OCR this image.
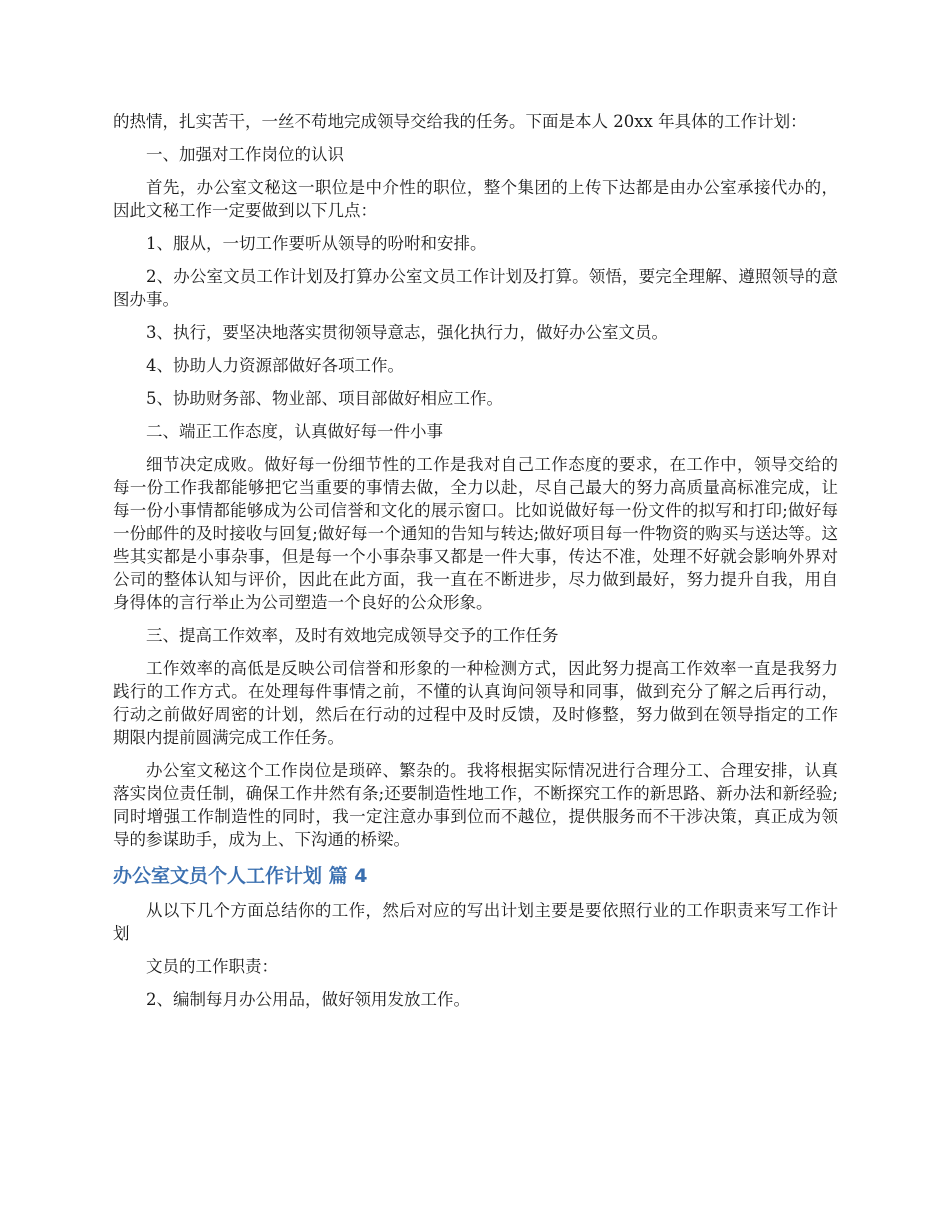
的热情，扎实苦干，一丝不苟地完成领导交给我的任务。下面是本人 20xx 年具体的工作计划：

一、加强对工作岗位的认识

首先，办公室文秘这一职位是中介性的职位，整个集团的上传下达都是由办公室承接代办的，因此文秘工作一定要做到以下几点：

1、服从，一切工作要听从领导的吩咐和安排。

2、办公室文员工作计划及打算办公室文员工作计划及打算。领悟，要完全理解、遵照领导的意图办事。

3、执行，要坚决地落实贯彻领导意志，强化执行力，做好办公室文员。

4、协助人力资源部做好各项工作。

5、协助财务部、物业部、项目部做好相应工作。

二、端正工作态度，认真做好每一件小事

细节决定成败。做好每一份细节性的工作是我对自己工作态度的要求，在工作中，领导交给的每一份工作我都能够把它当重要的事情去做，全力以赴，尽自己最大的努力高质量高标准完成，让每一份小事情都能够成为公司信誉和文化的展示窗口。比如说做好每一份文件的拟写和打印;做好每一份邮件的及时接收与回复;做好每一个通知的告知与转达;做好项目每一件物资的购买与送达等。这些其实都是小事杂事，但是每一个小事杂事又都是一件大事，传达不准，处理不好就会影响外界对公司的整体认知与评价，因此在此方面，我一直在不断进步，尽力做到最好，努力提升自我，用自身得体的言行举止为公司塑造一个良好的公众形象。

三、提高工作效率，及时有效地完成领导交予的工作任务

工作效率的高低是反映公司信誉和形象的一种检测方式，因此努力提高工作效率一直是我努力践行的工作方式。在处理每件事情之前，不懂的认真询问领导和同事，做到充分了解之后再行动，行动之前做好周密的计划，然后在行动的过程中及时反馈，及时修整，努力做到在领导指定的工作期限内提前圆满完成工作任务。

办公室文秘这个工作岗位是琐碎、繁杂的。我将根据实际情况进行合理分工、合理安排，认真落实岗位责任制，确保工作井然有条;还要制造性地工作，不断探究工作的新思路、新办法和新经验;同时增强工作制造性的同时，我一定注意办事到位而不越位，提供服务而不干涉决策，真正成为领导的参谋助手，成为上、下沟通的桥梁。

办公室文员个人工作计划 篇 4

从以下几个方面总结你的工作，然后对应的写出计划主要是要依照行业的工作职责来写工作计划

文员的工作职责：

2、编制每月办公用品，做好领用发放工作。
